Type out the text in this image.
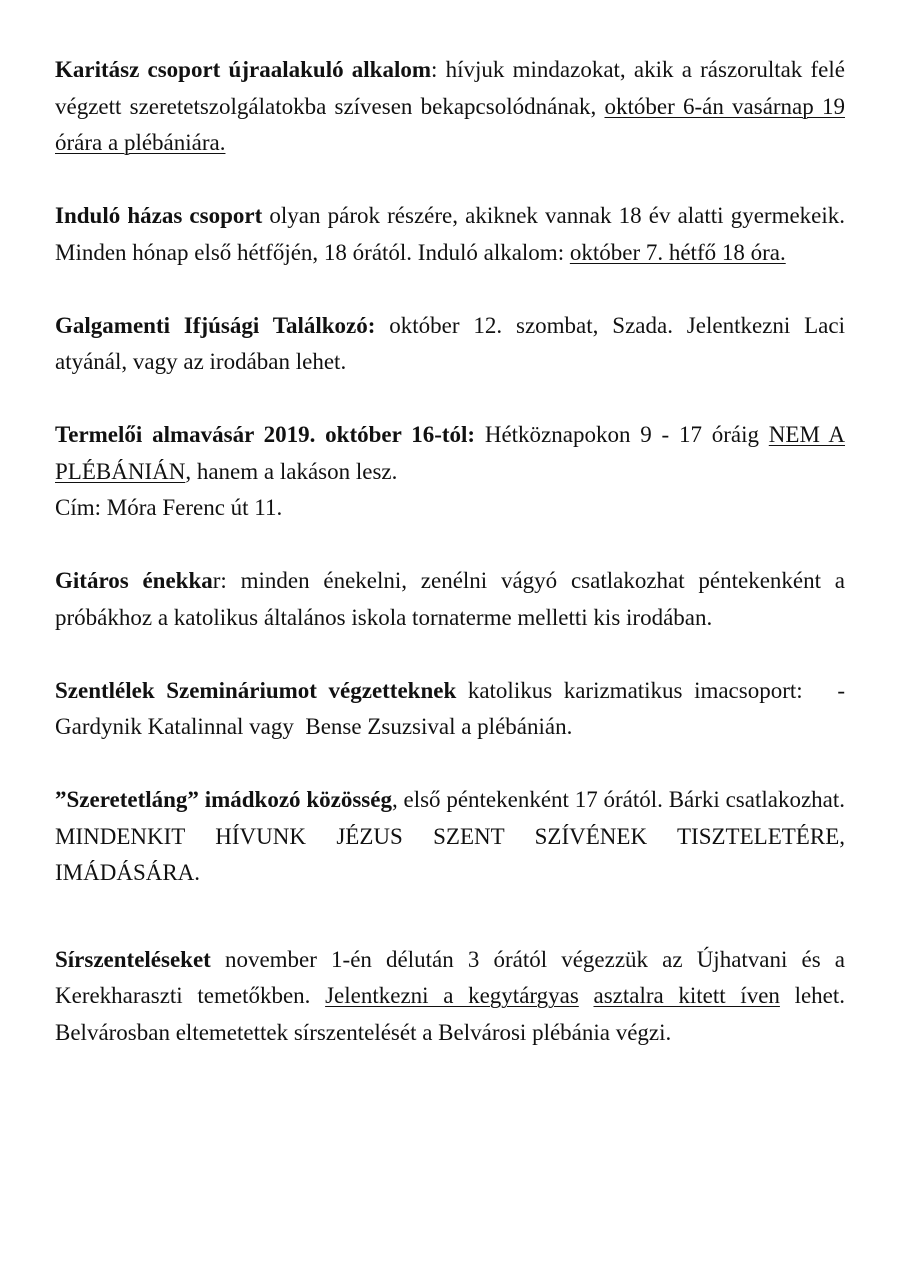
Karitász csoport újraalakuló alkalom: hívjuk mindazokat, akik a rászorultak felé végzett szeretetszolgálatokba szívesen bekapcsolódnának, október 6-án vasárnap 19 órára a plébániára.

Induló házas csoport olyan párok részére, akiknek vannak 18 év alatti gyermekeik. Minden hónap első hétfőjén, 18 órától. Induló alkalom: október 7. hétfő 18 óra.

Galgamenti Ifjúsági Találkozó: október 12. szombat, Szada. Jelentkezni Laci atyánál, vagy az irodában lehet.

Termelői almavásár 2019. október 16-tól: Hétköznapokon 9 - 17 óráig NEM A PLÉBÁNIÁN, hanem a lakáson lesz.
Cím: Móra Ferenc út 11.

Gitáros énekkar: minden énekelni, zenélni vágyó csatlakozhat péntekenként a próbákhoz a katolikus általános iskola tornaterme melletti kis irodában.

Szentlélek Szemináriumot végzetteknek katolikus karizmatikus imacsoport:   -  Gardynik Katalinnal vagy  Bense Zsuzsival a plébánián.

”Szeretetláng” imádkozó közösség, első péntekenként 17 órától. Bárki csatlakozhat. MINDENKIT HÍVUNK JÉZUS SZENT SZÍVÉNEK TISZTELETÉRE, IMÁDÁSÁRA.

Sírszenteléseket november 1-én délután 3 órától végezzük az Újhatvani és a Kerekharaszti temetőkben. Jelentkezni a kegytárgyas asztalra kitett íven lehet. Belvárosban eltemetettek sírszentelését a Belvárosi plébánia végzi.
